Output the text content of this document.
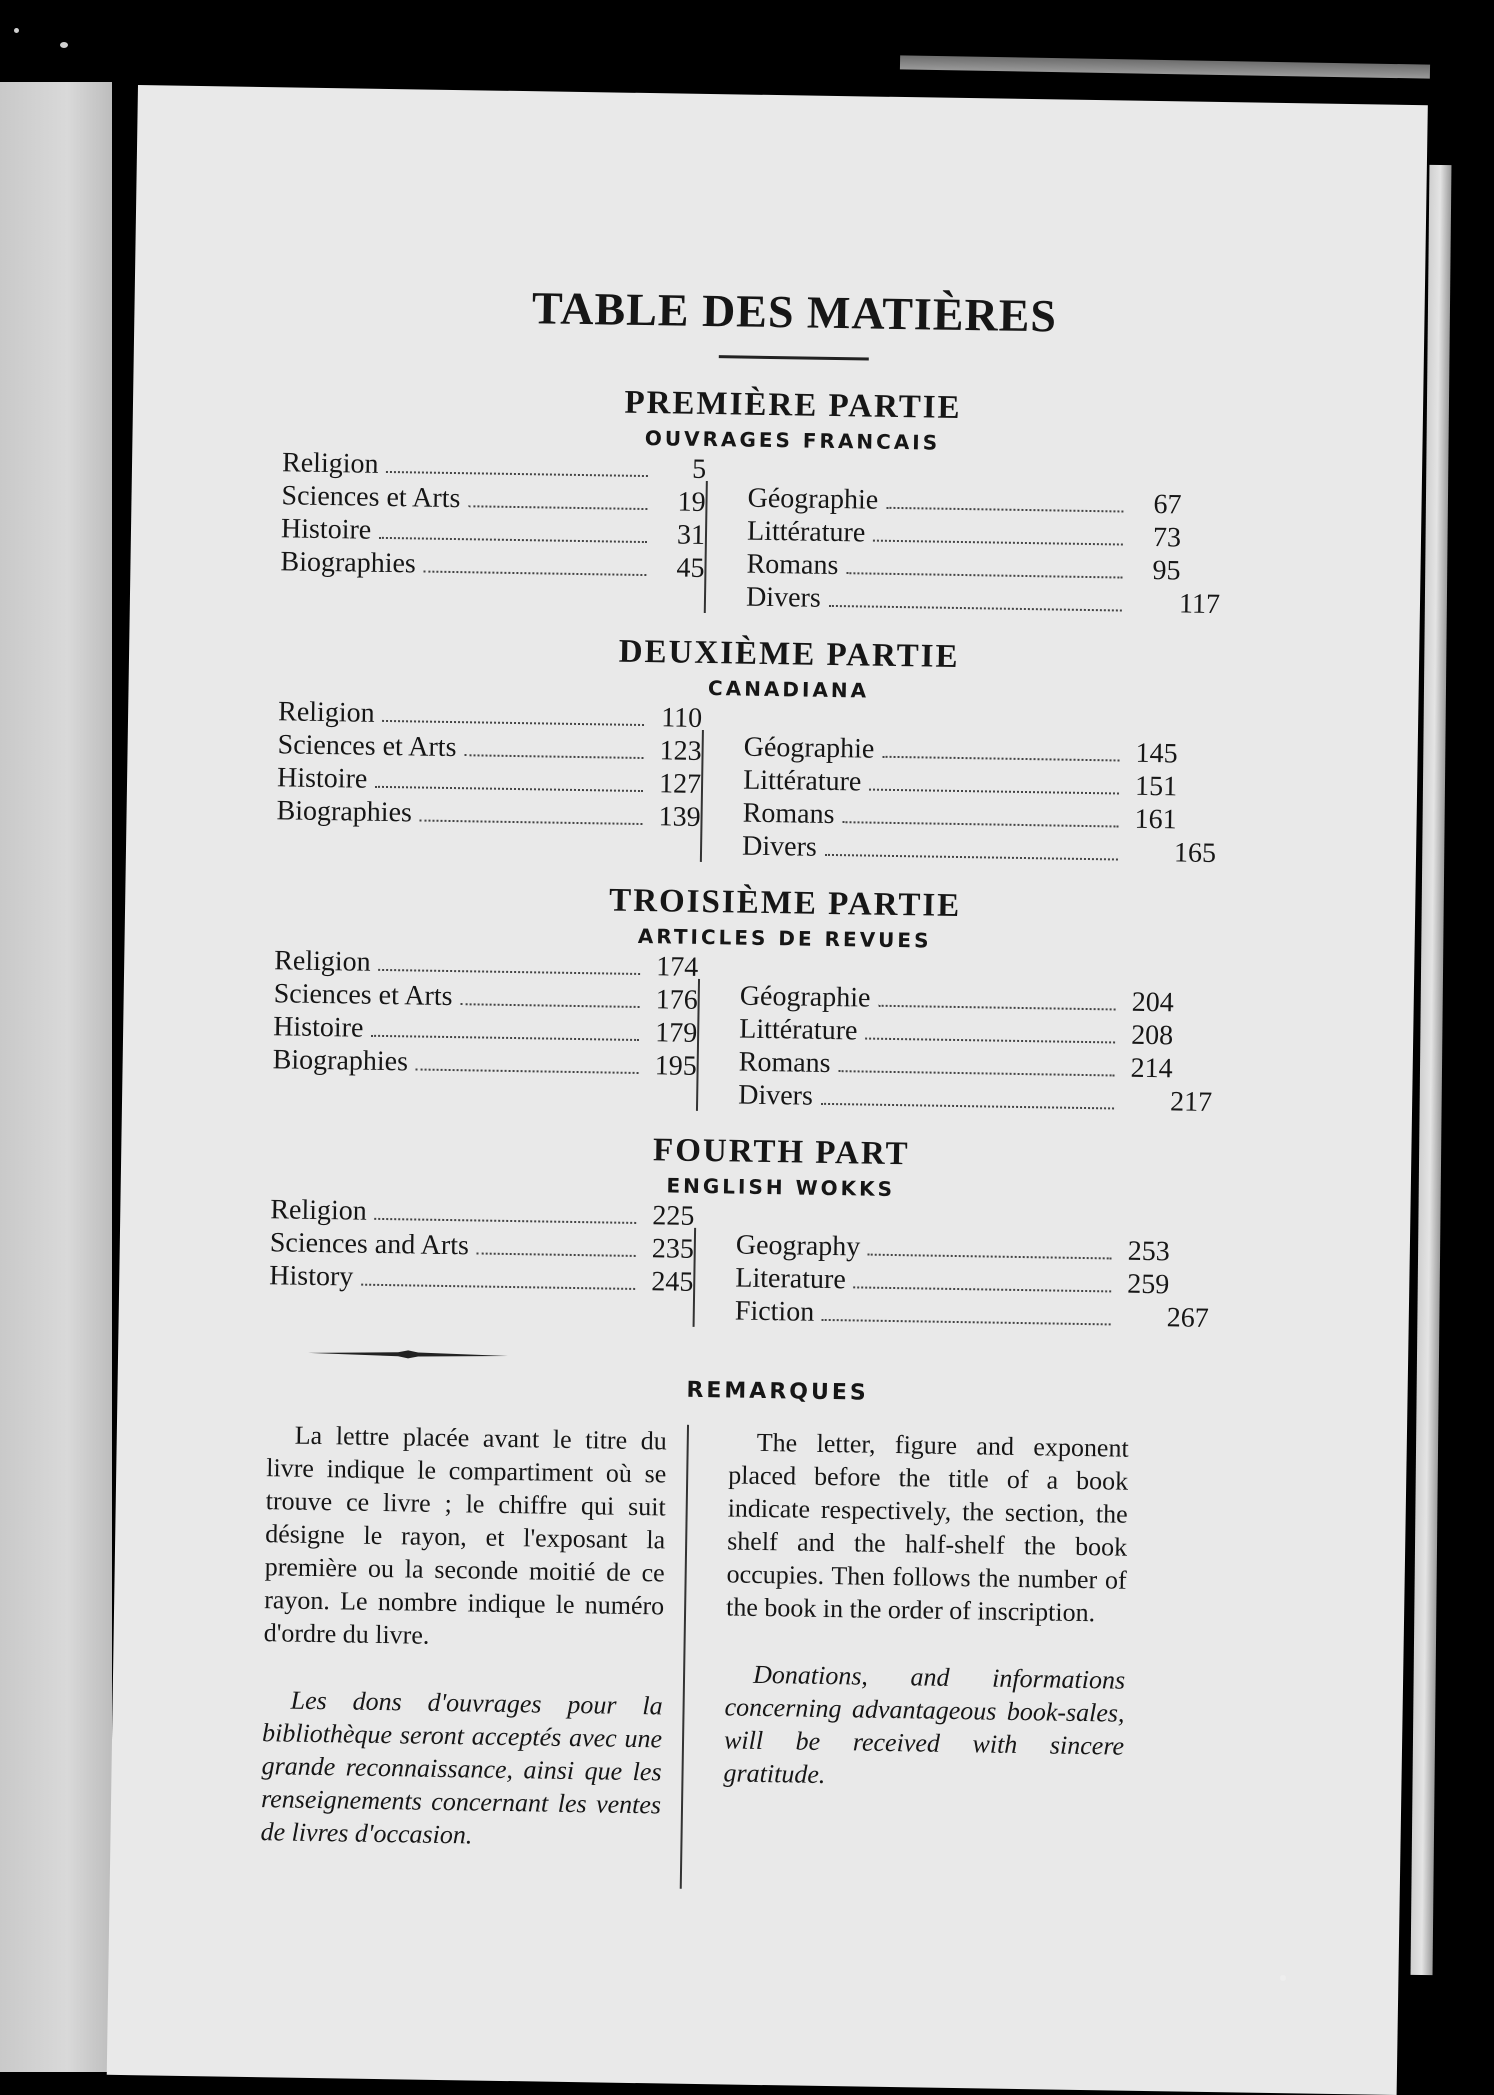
TABLE DES MATIÈRES
PREMIÈRE PARTIE
OUVRAGES FRANCAIS
Religion	5
Sciences et Arts	19
Histoire	31
Biographies	45
Géographie	67
Littérature	73
Romans	95
Divers	117
DEUXIÈME PARTIE
CANADIANA
Religion	110
Sciences et Arts	123
Histoire	127
Biographies	139
Géographie	145
Littérature	151
Romans	161
Divers	165
TROISIÈME PARTIE
ARTICLES DE REVUES
Religion	174
Sciences et Arts	176
Histoire	179
Biographies	195
Géographie	204
Littérature	208
Romans	214
Divers	217
FOURTH PART
ENGLISH WOKKS
Religion	225
Sciences and Arts	235
History	245
Geography	253
Literature	259
Fiction	267
REMARQUES

La lettre placée avant le titre du livre indique le compartiment où se trouve ce livre ; le chiffre qui suit désigne le rayon, et l'exposant la première ou la seconde moitié de ce rayon. Le nombre indique le numéro d'ordre du livre.

Les dons d'ouvrages pour la bibliothèque seront acceptés avec une grande reconnaissance, ainsi que les renseignements concernant les ventes de livres d'occasion.

The letter, figure and exponent placed before the title of a book indicate respectively, the section, the shelf and the half-shelf the book occupies. Then follows the number of the book in the order of inscription.

Donations, and informations concerning advantageous book-sales, will be received with sincere gratitude.
